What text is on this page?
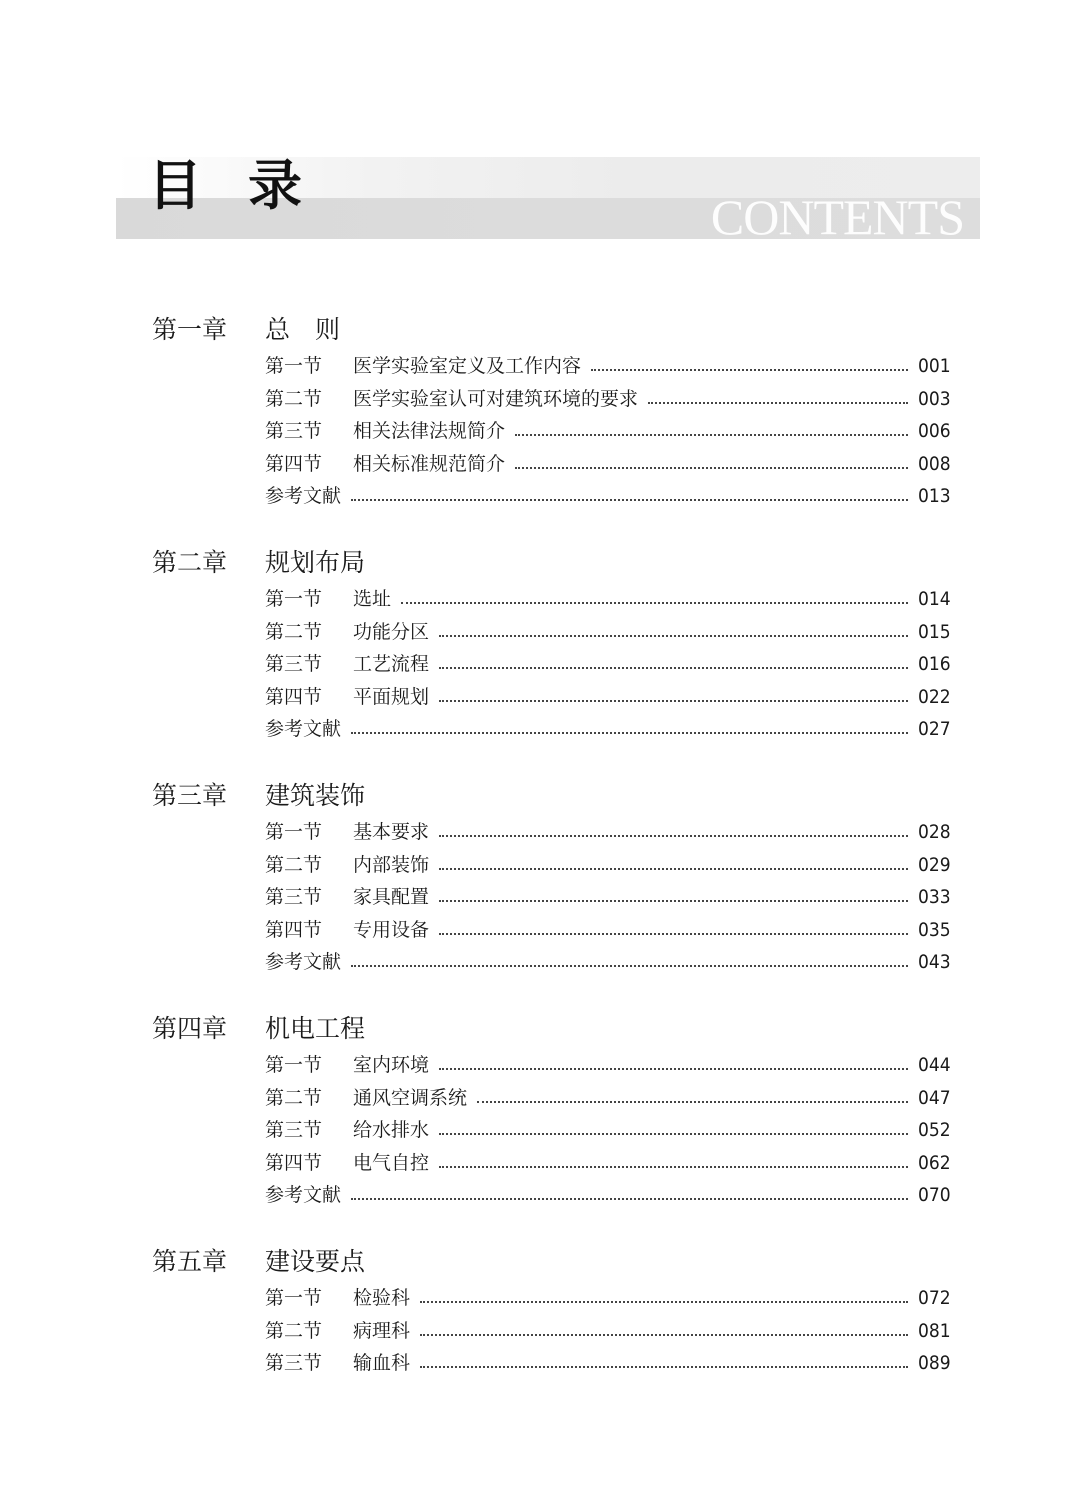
目录	CONTENTS
第一章 总　则
第一节	医学实验室定义及工作内容	001
第二节	医学实验室认可对建筑环境的要求	003
第三节	相关法律法规简介	006
第四节	相关标准规范简介	008
参考文献	013
第二章 规划布局
第一节	选址	014
第二节	功能分区	015
第三节	工艺流程	016
第四节	平面规划	022
参考文献	027
第三章 建筑装饰
第一节	基本要求	028
第二节	内部装饰	029
第三节	家具配置	033
第四节	专用设备	035
参考文献	043
第四章 机电工程
第一节	室内环境	044
第二节	通风空调系统	047
第三节	给水排水	052
第四节	电气自控	062
参考文献	070
第五章 建设要点
第一节	检验科	072
第二节	病理科	081
第三节	输血科	089
